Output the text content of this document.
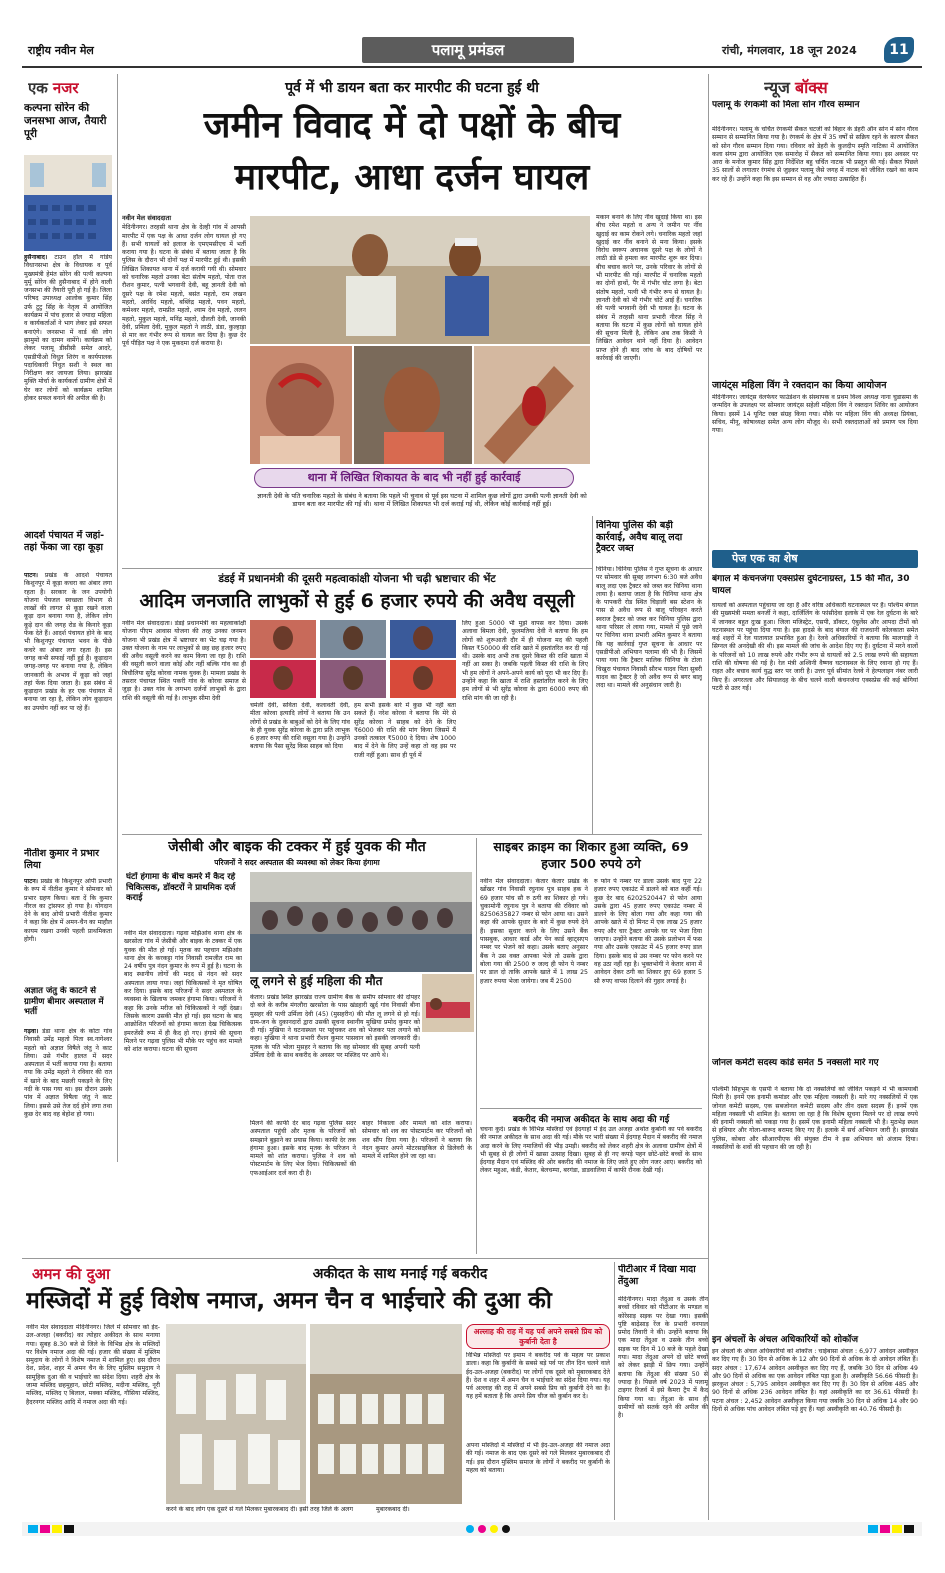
राष्ट्रीय नवीन मेल	पलामू प्रमंडल	रांची, मंगलवार, 18 जून 2024	11
एक नजर
कल्पना सोरेन की जनसभा आज, तैयारी पूरी
हुसैनाबाद। टाउन हॉल में गांडेय विधानसभा क्षेत्र के विधायक व पूर्व मुख्यमंत्री हेमंत सोरेन की पत्नी कल्पना मुर्मू सोरेन की हुसैनाबाद में होने वाली जनसभा की तैयारी पूरी हो गई है। जिला परिषद उपाध्यक्ष आलोक कुमार सिंह उर्फ टुटु सिंह के नेतृत्व में आयोजित कार्यक्रम में पांच हजार से ज्यादा महिला व कार्यकर्ताओं ने भाग लेकर इसे सफल बनाएंगे। जनसभा में वार्ड की लोग झामुमो का दामन थामेंगे। कार्यक्रम को लेकर पलामू डीसीसी समेत आदरे, एसडीपीओ विधुत शिरंग व कार्यपालक पदाधिकारी निधुत सशी ने स्थल का निरीक्षण कर जायजा लिया। झारखंड मुक्ति मोर्चा के कार्यकर्ता ग्रामीण क्षेत्रों में घेर कर लोगों को कार्यक्रम शामिल होकर सफल बनाने की अपील की है।
आदर्श पंचायत में जहां-तहां फेंका जा रहा कूड़ा
पाटन। प्रखंड के आदर्श पंचायत किशुनपुर में कूड़ा कचरा का अंबार लगा रहता है। सरकार के जन उपयोगी योजना पेयजल स्वच्छता विभाग से लाखों की लागत से कूड़ा रखने वाला कूड़ा दान बनाया गया है, लेकिन लोग कूड़े दान की जगह रोड के किनारे कूड़ा फेंक देते हैं। आदर्श पंचायत होने के बाद भी किशुनपुर पंचायत भवन के पीछे कचरे का अंबार लगा रहता है। इस जगह कभी सफाई नहीं हुई है। कूड़ादान जगह-जगह पर बनाया गया है, लेकिन जानकारी के अभाव में कूड़ा को जहां तहां फेंक दिया जाता है। इस संबंध में कूड़ादान प्रखंड के हर एक पंचायत में बनाया जा रहा है, लेकिन लोग कूड़ादान का उपयोग नहीं कर पा रहे हैं।
नीतीश कुमार ने प्रभार लिया
पाटन। प्रखंड के किशुनपुर ओपी प्रभारी के रूप में नीतीश कुमार ने सोमवार को प्रभार ग्रहण किया। बता दें कि कुमार नीरज का ट्रांसफर हो गया है। योगदान देने के बाद ओपी प्रभारी नीतीश कुमार ने कहा कि क्षेत्र में अमन-चैन का माहौल कायम रखना उनकी पहली प्राथमिकता होगी।
अज्ञात जंतु के काटने से ग्रामीण बीमार अस्पताल में भर्ती
गढ़वा। डंडा थाना क्षेत्र के कोटा गांव निवासी उमेंद्र महतो पिता स्व.नागेश्वर महतो को अज्ञात विषैले जंतु ने काट लिया। उसे गंभीर हालत में सदर अस्पताल में भर्ती कराया गया है। बताया गया कि उमेंद्र महतो ने रविवार की रात में खाने के बाद मछली पकड़ने के लिए नदी के पास गया था। इस दौरान उसके पांव में अज्ञात विषैला जंतु ने काट लिया। इससे उसे तेज दर्द होने लगा तथा कुछ देर बाद वह बेहोश हो गया।
पूर्व में भी डायन बता कर मारपीट की घटना हुई थी
जमीन विवाद में दो पक्षों के बीच
मारपीट, आधा दर्जन घायल
नवीन मेल संवाददाता
मेदिनीनगर। तरहसी थाना क्षेत्र के देल्ही गांव में आपसी मारपीट में एक पक्ष के आधा दर्जन लोग घायल हो गए हैं। सभी घायलों को इलाज के एमएमसीएच में भर्ती कराया गया है। घटना के संबंध में बताया जाता है कि पुलिस के दौरान भी दोनों पक्ष में मारपीट हुई थी। इसकी लिखित शिकायत थाना में दर्ज करायी गयी थी। सोमवार को चनारिक महतो उनका बेटा संतोष महतो, पोता राज रौशन कुमार, पत्नी भगवानी देवी, बहू ज्ञानती देवी को दूसरे पक्ष के रमेश महतो, बसंत महतो, राम लखन महतो, अरविंद महतो, बब्लिंद्र महतो, पवन महतो, कमेश्वर महतो, रामप्रीत महतो, श्याम देव महतो, ललन महतो, मुकुल महतो, मनिंद्र महतो, दौलती देवी, जानकी देवी, प्रमिला देवी, मुकुल महतो ने लाठी, डंडा, कुल्हाड़ा से मार कर गंभीर रूप से घायल कर दिया है। कुछ देर पूर्व पीड़ित पक्ष ने एक मुकदमा दर्ज कराया है।
मकान बनाने के लिए नींव खुदाई किया था। इस बीच रमेश महतो व अन्य ने जमीन पर नींव खुदाई का काम रोकने लगे। चनारिक महतो जहां खुदाई कर नींव बनाने से मना किया। इसके विरोध स्वरूप अचानक दूसरे पक्ष के लोगों ने लाठी डंडे से हमला कर मारपीट शुरू कर दिया। बीच बचाव करने पर, उनके परिवार के लोगों से भी मारपीट की गई। मारपीट में चनारिक महतो का दोनों हाथों, पैर में गंभीर चोट लगा है। बेटा संतोष महतो, पत्नी भी गंभीर रूप से घायल है। ज्ञानती देवी को भी गंभीर चोटें आई हैं। चनारिक की पत्नी भगवानी देवी भी घायल है। घटना के संबंध में तरहसी थाना प्रभारी नीरज सिंह ने बताया कि घटना में कुछ लोगों को घायल होने की सूचना मिली है, लेकिन अब तक किसी ने लिखित आवेदन थाने नहीं दिया है। आवेदन प्राप्त होने ही बाद जांच के बाद दोषियों पर कार्रवाई की जाएगी।
थाना में लिखित शिकायत के बाद भी नहीं हुई कार्रवाई
ज्ञानती देवी के पति चनारिक महतो के संबंध ने बताया कि पहले भी चुनाव से पूर्व इस घटना में शामिल कुछ लोगों द्वारा उनकी पत्नी ज्ञानती देवी को डायन बता कर मारपीट की गई थी। थाना में लिखित शिकायत भी दर्ज कराई गई थी, लेकिन कोई कार्रवाई नहीं हुई।
डंडई में प्रधानमंत्री की दूसरी महत्वाकांक्षी योजना भी चढ़ी भ्रष्टाचार की भेंट
आदिम जनजाति लाभुकों से हुई 6 हजार रुपये की अवैध वसूली
नवीन मेल संवाददाता। डंडई प्रधानमंत्री का महत्वाकांक्षी योजना पीएम आवास योजना की तरह उनका जनमन योजना भी प्रखंड क्षेत्र में भ्रष्टाचार का भेंट चढ़ गया है। उक्त योजना के नाम पर लाभुकों से छह छह हजार रुपए की अवैध वसूली करने का काम किया जा रहा है। राशि की वसूली करने वाला कोई और नहीं बल्कि गांव का ही बिचौलिया सुरेंद्र कोरवा नामक युवक है। मामला प्रखंड के तसरार पंचायत स्थित पकरी गांव के कोरवा समाज से जुड़ा है। उक्त गांव के लगभग दर्जनों लाभुकों के द्वारा राशि की वसूली की गई है। लाभुक सीमा देवी
चमेली देवी, सविता देवी, कलावती देवी, मीता कोरवा इत्यादि लोगों ने बताया कि उन लोगों से प्रखंड के बाबुओं को देने के लिए गांव के ही युवक सुरेंद्र कोरवा के द्वारा प्रति लाभुक 6 हजार रुपए की राशि वसूला गया है। उन्होंने बताया कि पैसा सुरेंद्र किस साहब को दिया
हम सभी इसके बारे में कुछ भी नहीं बता सकते हैं। नरेश कोरवा ने बताया कि मेरे से सुरेंद्र कोरवा ने साहब को देने के लिए ₹6000 की राशि की मांग किया जिसमें मैं उनको तत्काल ₹5000 दे दिया। शेष 1000 बाद में देने के लिए उन्हें कहा तो वह इस पर राजी नहीं हुआ। साथ ही पूर्व में
लिए हुआ 5000 भी मुझे वापस कर दिया। उसके अलावा बिमला देवी, फुलमतिया देवी ने बताया कि हम लोगों को शुरूआती दौर में ही योजना मद की पहली किस्त ₹50000 की राशि खाते में हस्तांतरित कर दी गई थी। उसके बाद अभी तक दूसरे किस्त की राशि खाता में नहीं आ सका है। जबकि पहली किस्त की राशि के लिए भी हम लोगों ने अपने-अपने कार्य को पूरा भी कर दिए हैं। उन्होंने कहा कि खाता में राशि हस्तांतरित करने के लिए हम लोगों से भी सुरेंद्र कोरवा के द्वारा 6000 रुपए की राशि मांग की जा रही है।
विनिया पुलिस की बड़ी कार्रवाई, अवैध बालू लदा ट्रैक्टर जब्त
चिनिया। चिनिया पुलिस ने गुप्त सूचना के आधार पर सोमवार की सुबह लगभग 6:30 बजे अवैध बालू लदा एक ट्रैक्टर को जब्त कर चिनिया थाना लाया है। बताया जाता है कि चिनिया थाना क्षेत्र के पापकरी रोड स्थित चिड़ाली बस स्टेशन के पास से अवैध रूप से बालू परिवहन करते स्वराज ट्रैक्टर को जब्त कर चिनिया पुलिस द्वारा थाना परिसर ले लाया गया, मामले में पूछे जाने पर चिनिया थाना प्रभारी अमित कुमार ने बताया कि यह कार्रवाई गुप्त सूचना के आधार पर एसडीपीओ अभियान पलामा की भी है। जिसमें पाया गया कि ट्रैक्टर मालिक चिनिया के टोला चिखुरा पंचायत निवासी सौरभ यादव पिता सुबरी यादव का ट्रैक्टर है जो अवैध रूप से बगर बालू लदा था। मामले की अनुसंधान जारी है।
जेसीबी और बाइक की टक्कर में हुई युवक की मौत
परिजनों ने सदर अस्पताल की व्यवस्था को लेकर किया हंगामा
घंटों हंगामा के बीच कमरे में कैद रहे चिकित्सक, डॉक्टरों ने प्राथमिक दर्ज कराई
नवीन मेल संवाददाता। गढ़वा मझिआंव थाना क्षेत्र के खरसोता गांव में जेसीबी और बाइक के टक्कर में एक युवक की मौत हो गई। मृतक का पहचान मझिआंव थाना क्षेत्र के करकट्टा गांव निवासी रामजीत राम का 24 वर्षीय पुत्र नंदन कुमार के रूप में हुई है। घटना के बाद स्थानीय लोगों की मदद से नंदन को सदर अस्पताल लाया गया। जहां चिकित्सकों ने मृत घोषित कर दिया। इसके बाद परिजनों ने सदर अस्पताल के व्यवस्था के खिलाफ जमकर हंगामा किया। परिजनों ने कहा कि उनके मरीज को चिकित्सकों ने नहीं देखा। जिसके कारण उसकी मौत हो गई। इस घटना के बाद आक्रोशित परिजनों को हंगामा करता देख चिकित्सक इमरजेंसी रूम में ही कैद हो गए। हंगामे की सूचना मिलने पर गढ़वा पुलिस भी मौके पर पहुंच कर मामले को शांत कराया। घटना की सूचना
लू लगने से हुई महिला की मौत
केतार। प्रखंड स्थित झारखंड राज्य ग्रामीण बैंक के समीप सोमवार की दोपहर दो बजे के करीब मंगलौरा खरसोता के पास खंडहारी खुर्द गांव निवासी बीना मुसहर की पत्नी उर्मिला देवी (45) (मुसहरीन) की मौत लू लगने से हो गई। ग्राम-जन के दुकानदारों द्वारा उसकी सूचना स्थानीय मुखिया प्रमोद कुमार को दी गई। मुखिया ने घटनास्थल पर पहुंचकर शव को भेजकर पता लगाने को कहा। मुखिया ने थाना प्रभारी रौशन कुमार पासवान को इसकी जानकारी दी। मृतक के पति भोला मुसहर ने बताया कि वह सोमवार की सुबह अपनी पत्नी उर्मिला देवी के साथ बकरीद के अवसर पर मस्जिद पर आये थे।
मिलने की काफी देर बाद गढ़वा पुलिस सदर अस्पताल पहुंची और मृतक के परिजनों को समझाने बुझाने का प्रयास किया। काफी देर तक हंगामा हुआ। इसके बाद मृतक के परिजन ने मामले को शांत कराया। पुलिस ने शव को पोस्टमार्टम के लिए भेज दिया। चिकित्सकों की एफआईआर दर्ज करा दी है।
बाहर निकाला और मामले को शांत कराया। सोमवार को शव का पोस्टमार्टम कर परिजनों को शव सौंप दिया गया है। परिजनों ने बताया कि नंदन कुमार अपने मोटरसाइकिल से डिलेवरी के मामले में शामिल होने जा रहा था।
साइबर क्राइम का शिकार हुआ व्यक्ति, 69 हजार 500 रुपये ठगे
नवीन मेल संवाददाता। केतार केतार प्रखंड के खोंखर गांव निवासी रघुनाथ पुत्र साहब हक ने 69 हजार पांच सौ रु ठगी का शिकार हो गये। चुकामोनी रघुनाथ पुत्र ने बताया की रविवार को 8250635827 नम्बर से फोन आया था। उसने कहा की आपके सुधार के बारे में कुछ रुपये देने हैं। इसका सुधार करने के लिए उसने बैंक पासबुक, आधार कार्ड और पेन कार्ड व्हाट्सएप नम्बर पर भेजने को कहा। उसके बताए अनुसार बैंक ने उस वक्त आपका भेजे तो उसके द्वारा बोला गया की 2500 रु जल्द ही फोन पे नम्बर पर डाल दो ताकि आपके खाते में 1 लाख 25 हजार रुपया भेजा जायेगा। जब मैं 2500
रु फोन पे नम्बर पर डाला उसके बाद पुनः 22 हजार रुपए एकाउंट में डालने को बात कहीं गई। कुछ देर बाद 6202520447 से फोन आया उसके द्वारा 45 हजार रुपए एकाउंट नम्बर में डालने के लिए बोला गया और कहा गया की आपके खाते में दो मिनट में एक लाख 25 हजार रुपए और चार ट्रैक्टर आपके घर पर भेजा दिया जाएगा। उन्होंने बताया की उसके प्रलोभन में फस गया और उसके एकाउंट में 45 हजार रुपए डाल दिया। इसके बाद से उस नम्बर पर फोन करने पर वह उठा नहीं रहा है। भुक्तभोगी ने केतार थाना में आवेदन देकर ठगी का शिकार हुए 69 हजार 5 सौ रुपए वापस दिलाने की गुहार लगाई है।
बकरीद की नमाज अकीदत के साथ अदा की गई
चचना कुर्द। प्रखंड के विभिन्न मस्जिदों एवं ईदगाहों में ईद उल अजहा अर्थात कुर्बानी का पर्व बकरीद की नमाज अकीदत के साथ अदा की गई। मौके पर भारी संख्या में ईदगाह मैदान में बकरीद की नमाज अदा करने के लिए नमाजियों की भीड़ उमड़ी। बकरीद को लेकर शहरी क्षेत्र के अलावा ग्रामीण क्षेत्रों में भी सुबह से ही लोगों में खासा उत्साह दिखा। सुबह से ही नए कपड़े पहन छोटे-छोटे बच्चों के साथ ईदगाह मैदान एवं मस्जिद की ओर बकरीद की नमाज के लिए जाते हुए लोग नजर आए। बकरीद को लेकर महुआ, कंडी, केतार, बेलचम्पा, बरगंडा, डाडवालिया में काफी रौनक देखी गई।
अमन की दुआ	अकीदत के साथ मनाई गई बकरीद
मस्जिदों में हुई विशेष नमाज, अमन चैन व भाईचारे की दुआ की
नवीन मेल संवाददाता मेदिनीनगर। जिले में सोमवार को ईद-उल-अजहा (बकरीद) का त्योहार अकीदत के साथ मनाया गया। सुबह 8.30 बजे से जिले के विभिन्न क्षेत्र के मस्जिदों पर विशेष नमाज अदा की गई। हजार की संख्या में मुस्लिम समुदाय के लोगों ने विशेष नमाज में शामिल हुए। इस दौरान देश, प्रदेश, शहर में अमन चैन के लिए मुस्लिम समुदाय ने सामूहिक दुआ की व भाईचारे का संदेश दिया। शहरी क्षेत्र के जामा मस्जिद छहमुहान, छोटी मस्जिद, मदीना मस्जिद, नूरी मस्जिद, मस्जिद ए बिलाल, मक्का मस्जिद, गौसिया मस्जिद, हैदरनगर मस्जिद आदि में नमाज अदा की गई।
अल्लाह की राह में यह पर्व अपने सबसे प्रिय को कुर्बानी देता है
विभिन्न मस्जिदों पर इमाम ने बकरीद पर्व के महत्व पर प्रकाश डाला। कहा कि कुर्बानी के सबसे बड़े पर्व पर तीन दिन चलने वाले ईद-उल-अजहा (बकरीद) पर लोगों एक दूसरे को मुबारकबाद देते हैं। देश व शहर में अमन चैन व भाईचारे का संदेश दिया गया। यह पर्व अल्लाह की राह में अपने सबसे प्रिय को कुर्बानी देने का है। यह हमें बताता है कि अपने प्रिय चीज को कुर्बान कर दे।
अपना मस्जिदों में मस्जिदों में भी ईद-उल-अजहा की नमाज अदा की गई। नमाज के बाद एक दूसरे को गले मिलकर मुबारकबाद दी गई। इस दौरान मुस्लिम समाज के लोगों ने बकरीद पर कुर्बानी के महत्व को बताया।
करने के बाद लोग एक दूसरे से गले मिलकर मुबारकबाद दी। इसी तरह जिले के अलग	मुबारकबाद दी।
पीटीआर में दिखा मादा तेंदुआ
मेदिनीनगर। मादा तेंदुआ व उसके तीन बच्चों रविवार को पीटीआर के मण्डल व कोरेसाड़ सड़क पर देखा गया। इसकी पुष्टि बाढ़ेसाड़ रेंज के प्रभारी वनपाल प्रमोद तिवारी ने की। उन्होंने बताया कि एक मादा तेंदुआ व उसके तीन बच्चे सड़क पर दिन में 10 बजे के पहले देखा गया। मादा तेंदुआ अपने दो छोटे बच्चों को लेकर झाड़ी में छिप गया। उन्होंने बताया कि तेंदुआ की संख्या 50 से ज्यादा है। पिछले वर्ष 2023 में पलामू टाइगर रिजर्व में इसे कैमरा ट्रैप में कैद किया गया था। तेंदुआ के साथ ही ग्रामीणों को सतर्क रहने की अपील की है।
न्यूज बॉक्स
पलामू के रंगकर्मी को मिला सोन गौरव सम्मान
मेदिनीनगर। पलामू के चर्चित रंगकर्मी सैकत चटर्जी को बिहार के डेहरी ऑन सोन में सोन गौरव सम्मान से सम्मानित किया गया है। रंगकर्म के क्षेत्र में 35 वर्षों से सक्रिय रहने के कारण सैकत को सोन गौरव सम्मान दिया गया। रविवार को डेहरी के कुलदीप स्मृति नाटिका में आयोजित कला संगम द्वारा आयोजित एक समारोह में सैकत को सम्मानित किया गया। इस अवसर पर आरा के मनोज कुमार सिंह द्वारा निर्देशित बहु चर्चित नाटक भी प्रस्तुत की गई। सैकत पिछले 35 सालों से लगातार रंगमंच से जुड़कर पलामू जैसे जगह में नाटक को जीवित रखने का काम कर रहे हैं। उन्होंने कहा कि इस सम्मान से वह और ज्यादा उत्साहित हैं।
जायंट्स महिला विंग ने रक्तदान का किया आयोजन
मेदिनीनगर। जायंट्स वेलफेयर फाउंडेशन के संस्थापक व प्रथम विश्व अध्यक्ष नाना चुडासमा के जन्मदिन के उपलक्ष्य पर सोमवार जायंट्स सहेली महिला विंग ने रक्तदान शिविर का आयोजन किया। इसमें 14 यूनिट रक्त संग्रह किया गया। मौके पर महिला विंग की अध्यक्ष प्रियंका, सचिव, मीनू, कोषाध्यक्ष समेत अन्य लोग मौजूद थे। सभी रक्तदाताओं को प्रमाण पत्र दिया गया।
पेज एक का शेष
बंगाल में कंचनजंगा एक्सप्रेस दुर्घटनाग्रस्त, 15 की मौत, 30 घायल
घायलों को अस्पताल पहुंचाया जा रहा है और वरिष्ठ अधिकारी घटनास्थल पर हैं। पश्चिम बंगाल की मुख्यमंत्री ममता बनर्जी ने कहा, दार्जिलिंग के फांसीदेवा इलाके में एक रेल दुर्घटना के बारे में जानकर बहुत दुःख हुआ। जिला मजिस्ट्रेट, एसपी, डॉक्टर, एंबुलेंस और आपदा टीमों को घटनास्थल पर पहुंचा दिया गया है। इस हादसे के बाद बंगाल की राजधानी कोलकाता समेत कई शहरों में रेल यातायात प्रभावित हुआ है। रेलवे अधिकारियों ने बताया कि मालगाड़ी ने सिग्नल की अनदेखी की थी। इस मामले की जांच के आदेश दिए गए हैं। दुर्घटना में मरने वालों के परिजनों को 10 लाख रुपये और गंभीर रूप से घायलों को 2.5 लाख रुपये की सहायता राशि की घोषणा की गई है। रेल मंत्री अश्विनी वैष्णव घटनास्थल के लिए रवाना हो गए हैं। राहत और बचाव कार्य युद्ध स्तर पर जारी है। उत्तर पूर्व सीमांत रेलवे ने हेल्पलाइन नंबर जारी किए हैं। अगरतला और सियालदह के बीच चलने वाली कंचनजंगा एक्सप्रेस की कई बोगियां पटरी से उतर गईं।
जोनल कमेटी सदस्य कांडे समेत 5 नक्सली मारे गए
पश्चिमी सिंहभूम के एसपी ने बताया कि दो नक्सलियों को जीवित पकड़ने में भी कामयाबी मिली है। इनमें एक इनामी कमांडर और एक महिला नक्सली है। मारे गए नक्सलियों में एक जोनल कमेटी सदस्य, एक सबजोनल कमेटी सदस्य और तीन दस्ता सदस्य हैं। इनमें एक महिला नक्सली भी शामिल है। बताया जा रहा है कि विशेष सूचना मिलने पर दो लाख रुपये की इनामी नक्सली को पकड़ा गया है। इसमें एक इनामी महिला नक्सली भी है। मुठभेड़ स्थल से हथियार और गोला-बारूद बरामद किए गए हैं। इलाके में सर्च अभियान जारी है। झारखंड पुलिस, कोबरा और सीआरपीएफ की संयुक्त टीम ने इस अभियान को अंजाम दिया। नक्सलियों के शवों की पहचान की जा रही है।
इन अंचलों के अंचल अधिकारियों को शोकॉज
इन अंचलों के अंचल अधिकारियों को शोकॉज : चाईबासा अंचल : 6,977 आवेदन अस्वीकृत कर दिए गए हैं। 30 दिन से अधिक के 12 और 90 दिनों से अधिक के दो आवेदन लंबित हैं। सदर अंचल : 17,674 आवेदन अस्वीकृत कर दिए गए हैं, जबकि 30 दिन से अधिक 49 और 90 दिनों से अधिक का एक आवेदन लंबित पड़ा हुआ है। अस्वीकृति 56.66 फीसदी है। झरकुश अंचल : 5,795 आवेदन अस्वीकृत कर दिए गए हैं। 30 दिन से अधिक 485 और 90 दिनों से अधिक 236 आवेदन लंबित है। यहां अस्वीकृति का दर 36.61 फीसदी है। पटना अंचल : 2,452 आवेदन अस्वीकृत किया गया जबकि 30 दिन से अधिक 14 और 90 दिनों से अधिक पांच आवेदन लंबित पड़े हुए हैं। यहां अस्वीकृति का 40.76 फीसदी है।
